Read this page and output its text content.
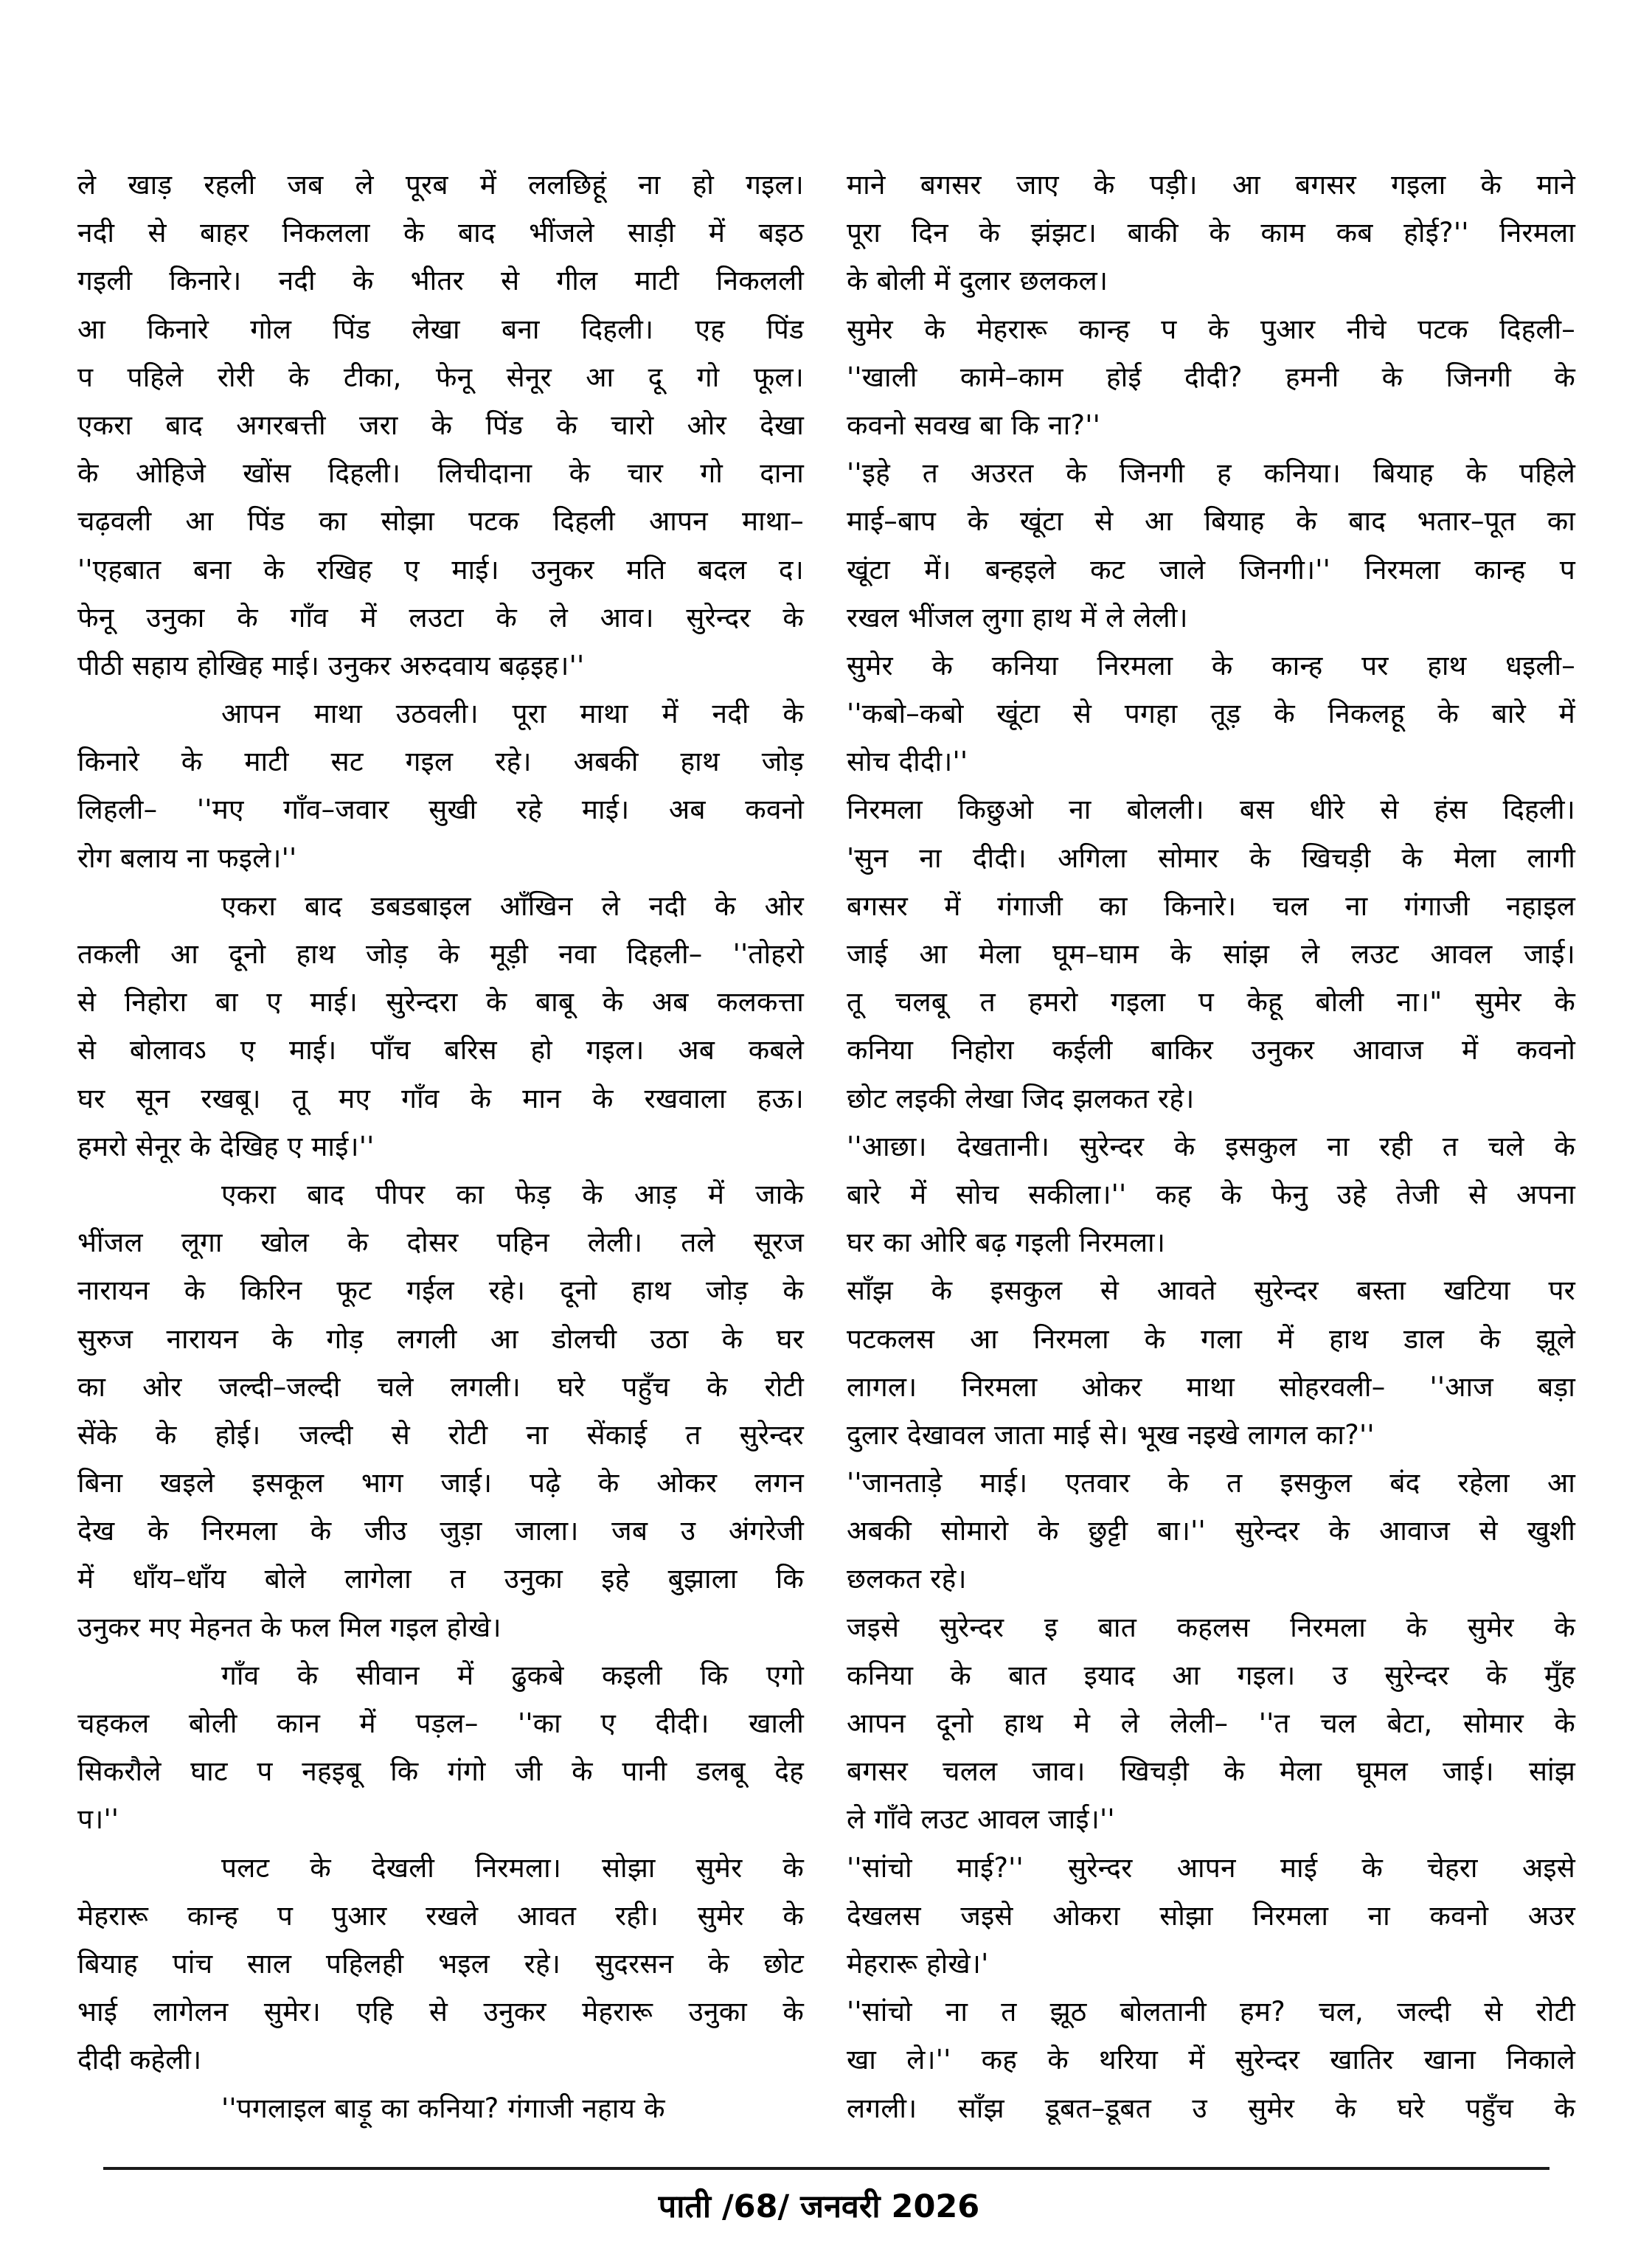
ले खाड़ रहली जब ले पूरब में ललछिहूं ना हो गइल।
नदी से बाहर निकलला के बाद भींजले साड़ी में बइठ
गइली किनारे। नदी के भीतर से गील माटी निकलली
आ किनारे गोल पिंड लेखा बना दिहली। एह पिंड
प पहिले रोरी के टीका, फेनू सेनूर आ दू गो फूल।
एकरा बाद अगरबत्ती जरा के पिंड के चारो ओर देखा
के ओहिजे खोंस दिहली। लिचीदाना के चार गो दाना
चढ़वली आ पिंड का सोझा पटक दिहली आपन माथा–
''एहबात बना के रखिह ए माई। उनुकर मति बदल द।
फेनू उनुका के गाँव में लउटा के ले आव। सुरेन्दर के
पीठी सहाय होखिह माई। उनुकर अरुदवाय बढ़इह।''
आपन माथा उठवली। पूरा माथा में नदी के
किनारे के माटी सट गइल रहे। अबकी हाथ जोड़
लिहली– ''मए गाँव–जवार सुखी रहे माई। अब कवनो
रोग बलाय ना फइले।''
एकरा बाद डबडबाइल आँखिन ले नदी के ओर
तकली आ दूनो हाथ जोड़ के मूड़ी नवा दिहली– ''तोहरो
से निहोरा बा ए माई। सुरेन्दरा के बाबू के अब कलकत्ता
से बोलावऽ ए माई। पाँच बरिस हो गइल। अब कबले
घर सून रखबू। तू मए गाँव के मान के रखवाला हऊ।
हमरो सेनूर के देखिह ए माई।''
एकरा बाद पीपर का फेड़ के आड़ में जाके
भींजल लूगा खोल के दोसर पहिन लेली। तले सूरज
नारायन के किरिन फूट गईल रहे। दूनो हाथ जोड़ के
सुरुज नारायन के गोड़ लगली आ डोलची उठा के घर
का ओर जल्दी–जल्दी चले लगली। घरे पहुँच के रोटी
सेंके के होई। जल्दी से रोटी ना सेंकाई त सुरेन्दर
बिना खइले इसकूल भाग जाई। पढ़े के ओकर लगन
देख के निरमला के जीउ जुड़ा जाला। जब उ अंगरेजी
में धाँय–धाँय बोले लागेला त उनुका इहे बुझाला कि
उनुकर मए मेहनत के फल मिल गइल होखे।
गाँव के सीवान में ढुकबे कइली कि एगो
चहकल बोली कान में पड़ल– ''का ए दीदी। खाली
सिकरौले घाट प नहइबू कि गंगो जी के पानी डलबू देह
प।''
पलट के देखली निरमला। सोझा सुमेर के
मेहरारू कान्ह प पुआर रखले आवत रही। सुमेर के
बियाह पांच साल पहिलही भइल रहे। सुदरसन के छोट
भाई लागेलन सुमेर। एहि से उनुकर मेहरारू उनुका के
दीदी कहेली।
''पगलाइल बाड़ू का कनिया? गंगाजी नहाय के
माने बगसर जाए के पड़ी। आ बगसर गइला के माने
पूरा दिन के झंझट। बाकी के काम कब होई?'' निरमला
के बोली में दुलार छलकल।
सुमेर के मेहरारू कान्ह प के पुआर नीचे पटक दिहली–
''खाली कामे–काम होई दीदी? हमनी के जिनगी के
कवनो सवख बा कि ना?''
''इहे त अउरत के जिनगी ह कनिया। बियाह के पहिले
माई–बाप के खूंटा से आ बियाह के बाद भतार–पूत का
खूंटा में। बन्हइले कट जाले जिनगी।'' निरमला कान्ह प
रखल भींजल लुगा हाथ में ले लेली।
सुमेर के कनिया निरमला के कान्ह पर हाथ धइली–
''कबो–कबो खूंटा से पगहा तूड़ के निकलहू के बारे में
सोच दीदी।''
निरमला किछुओ ना बोलली। बस धीरे से हंस दिहली।
'सुन ना दीदी। अगिला सोमार के खिचड़ी के मेला लागी
बगसर में गंगाजी का किनारे। चल ना गंगाजी नहाइल
जाई आ मेला घूम–घाम के सांझ ले लउट आवल जाई।
तू चलबू त हमरो गइला प केहू बोली ना।" सुमेर के
कनिया निहोरा कईली बाकिर उनुकर आवाज में कवनो
छोट लइकी लेखा जिद झलकत रहे।
''आछा। देखतानी। सुरेन्दर के इसकुल ना रही त चले के
बारे में सोच सकीला।'' कह के फेनु उहे तेजी से अपना
घर का ओरि बढ़ गइली निरमला।
साँझ के इसकुल से आवते सुरेन्दर बस्ता खटिया पर
पटकलस आ निरमला के गला में हाथ डाल के झूले
लागल। निरमला ओकर माथा सोहरवली– ''आज बड़ा
दुलार देखावल जाता माई से। भूख नइखे लागल का?''
''जानताड़े माई। एतवार के त इसकुल बंद रहेला आ
अबकी सोमारो के छुट्टी बा।'' सुरेन्दर के आवाज से खुशी
छलकत रहे।
जइसे सुरेन्दर इ बात कहलस निरमला के सुमेर के
कनिया के बात इयाद आ गइल। उ सुरेन्दर के मुँह
आपन दूनो हाथ मे ले लेली– ''त चल बेटा, सोमार के
बगसर चलल जाव। खिचड़ी के मेला घूमल जाई। सांझ
ले गाँवे लउट आवल जाई।''
''सांचो माई?'' सुरेन्दर आपन माई के चेहरा अइसे
देखलस जइसे ओकरा सोझा निरमला ना कवनो अउर
मेहरारू होखे।'
''सांचो ना त झूठ बोलतानी हम? चल, जल्दी से रोटी
खा ले।'' कह के थरिया में सुरेन्दर खातिर खाना निकाले
लगली। साँझ डूबत–डूबत उ सुमेर के घरे पहुँच के
पाती /68/ जनवरी 2026
